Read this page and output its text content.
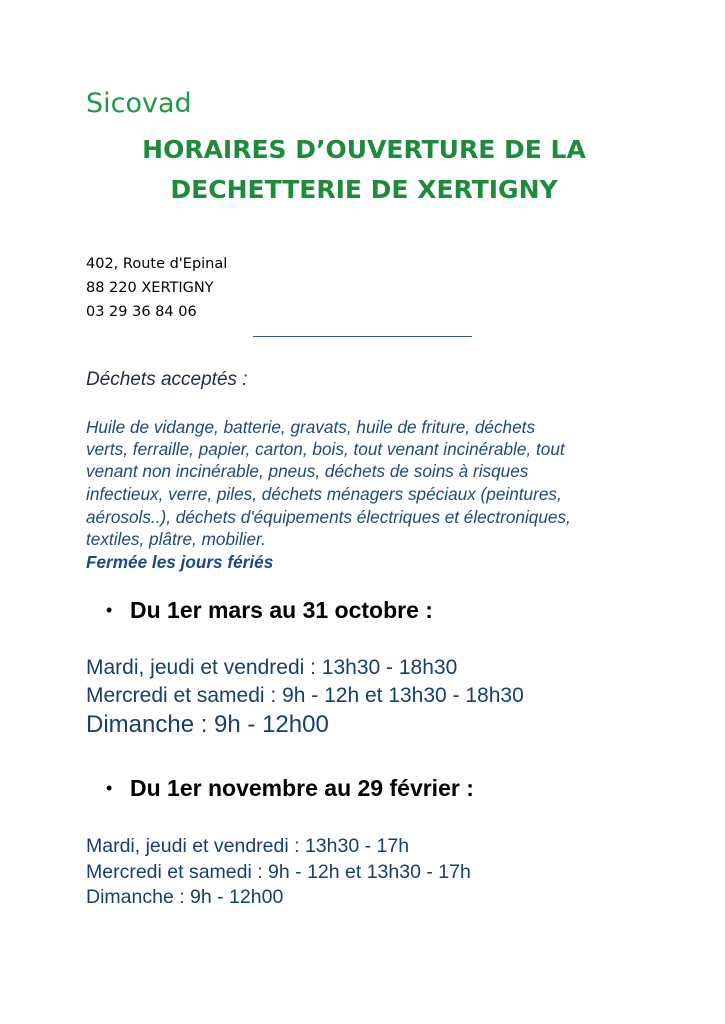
Sicovad
HORAIRES D’OUVERTURE DE LA
DECHETTERIE DE XERTIGNY
402, Route d'Epinal
88 220 XERTIGNY
03 29 36 84 06
Déchets acceptés :
Huile de vidange, batterie, gravats, huile de friture, déchets
verts, ferraille, papier, carton, bois, tout venant incinérable, tout
venant non incinérable, pneus, déchets de soins à risques
infectieux, verre, piles, déchets ménagers spéciaux (peintures,
aérosols..), déchets d'équipements électriques et électroniques,
textiles, plâtre, mobilier.
Fermée les jours fériés
• Du 1er mars au 31 octobre :
Mardi, jeudi et vendredi : 13h30 - 18h30
Mercredi et samedi : 9h - 12h et 13h30 - 18h30
Dimanche : 9h - 12h00
• Du 1er novembre au 29 février :
Mardi, jeudi et vendredi : 13h30 - 17h
Mercredi et samedi : 9h - 12h et 13h30 - 17h
Dimanche : 9h - 12h00
